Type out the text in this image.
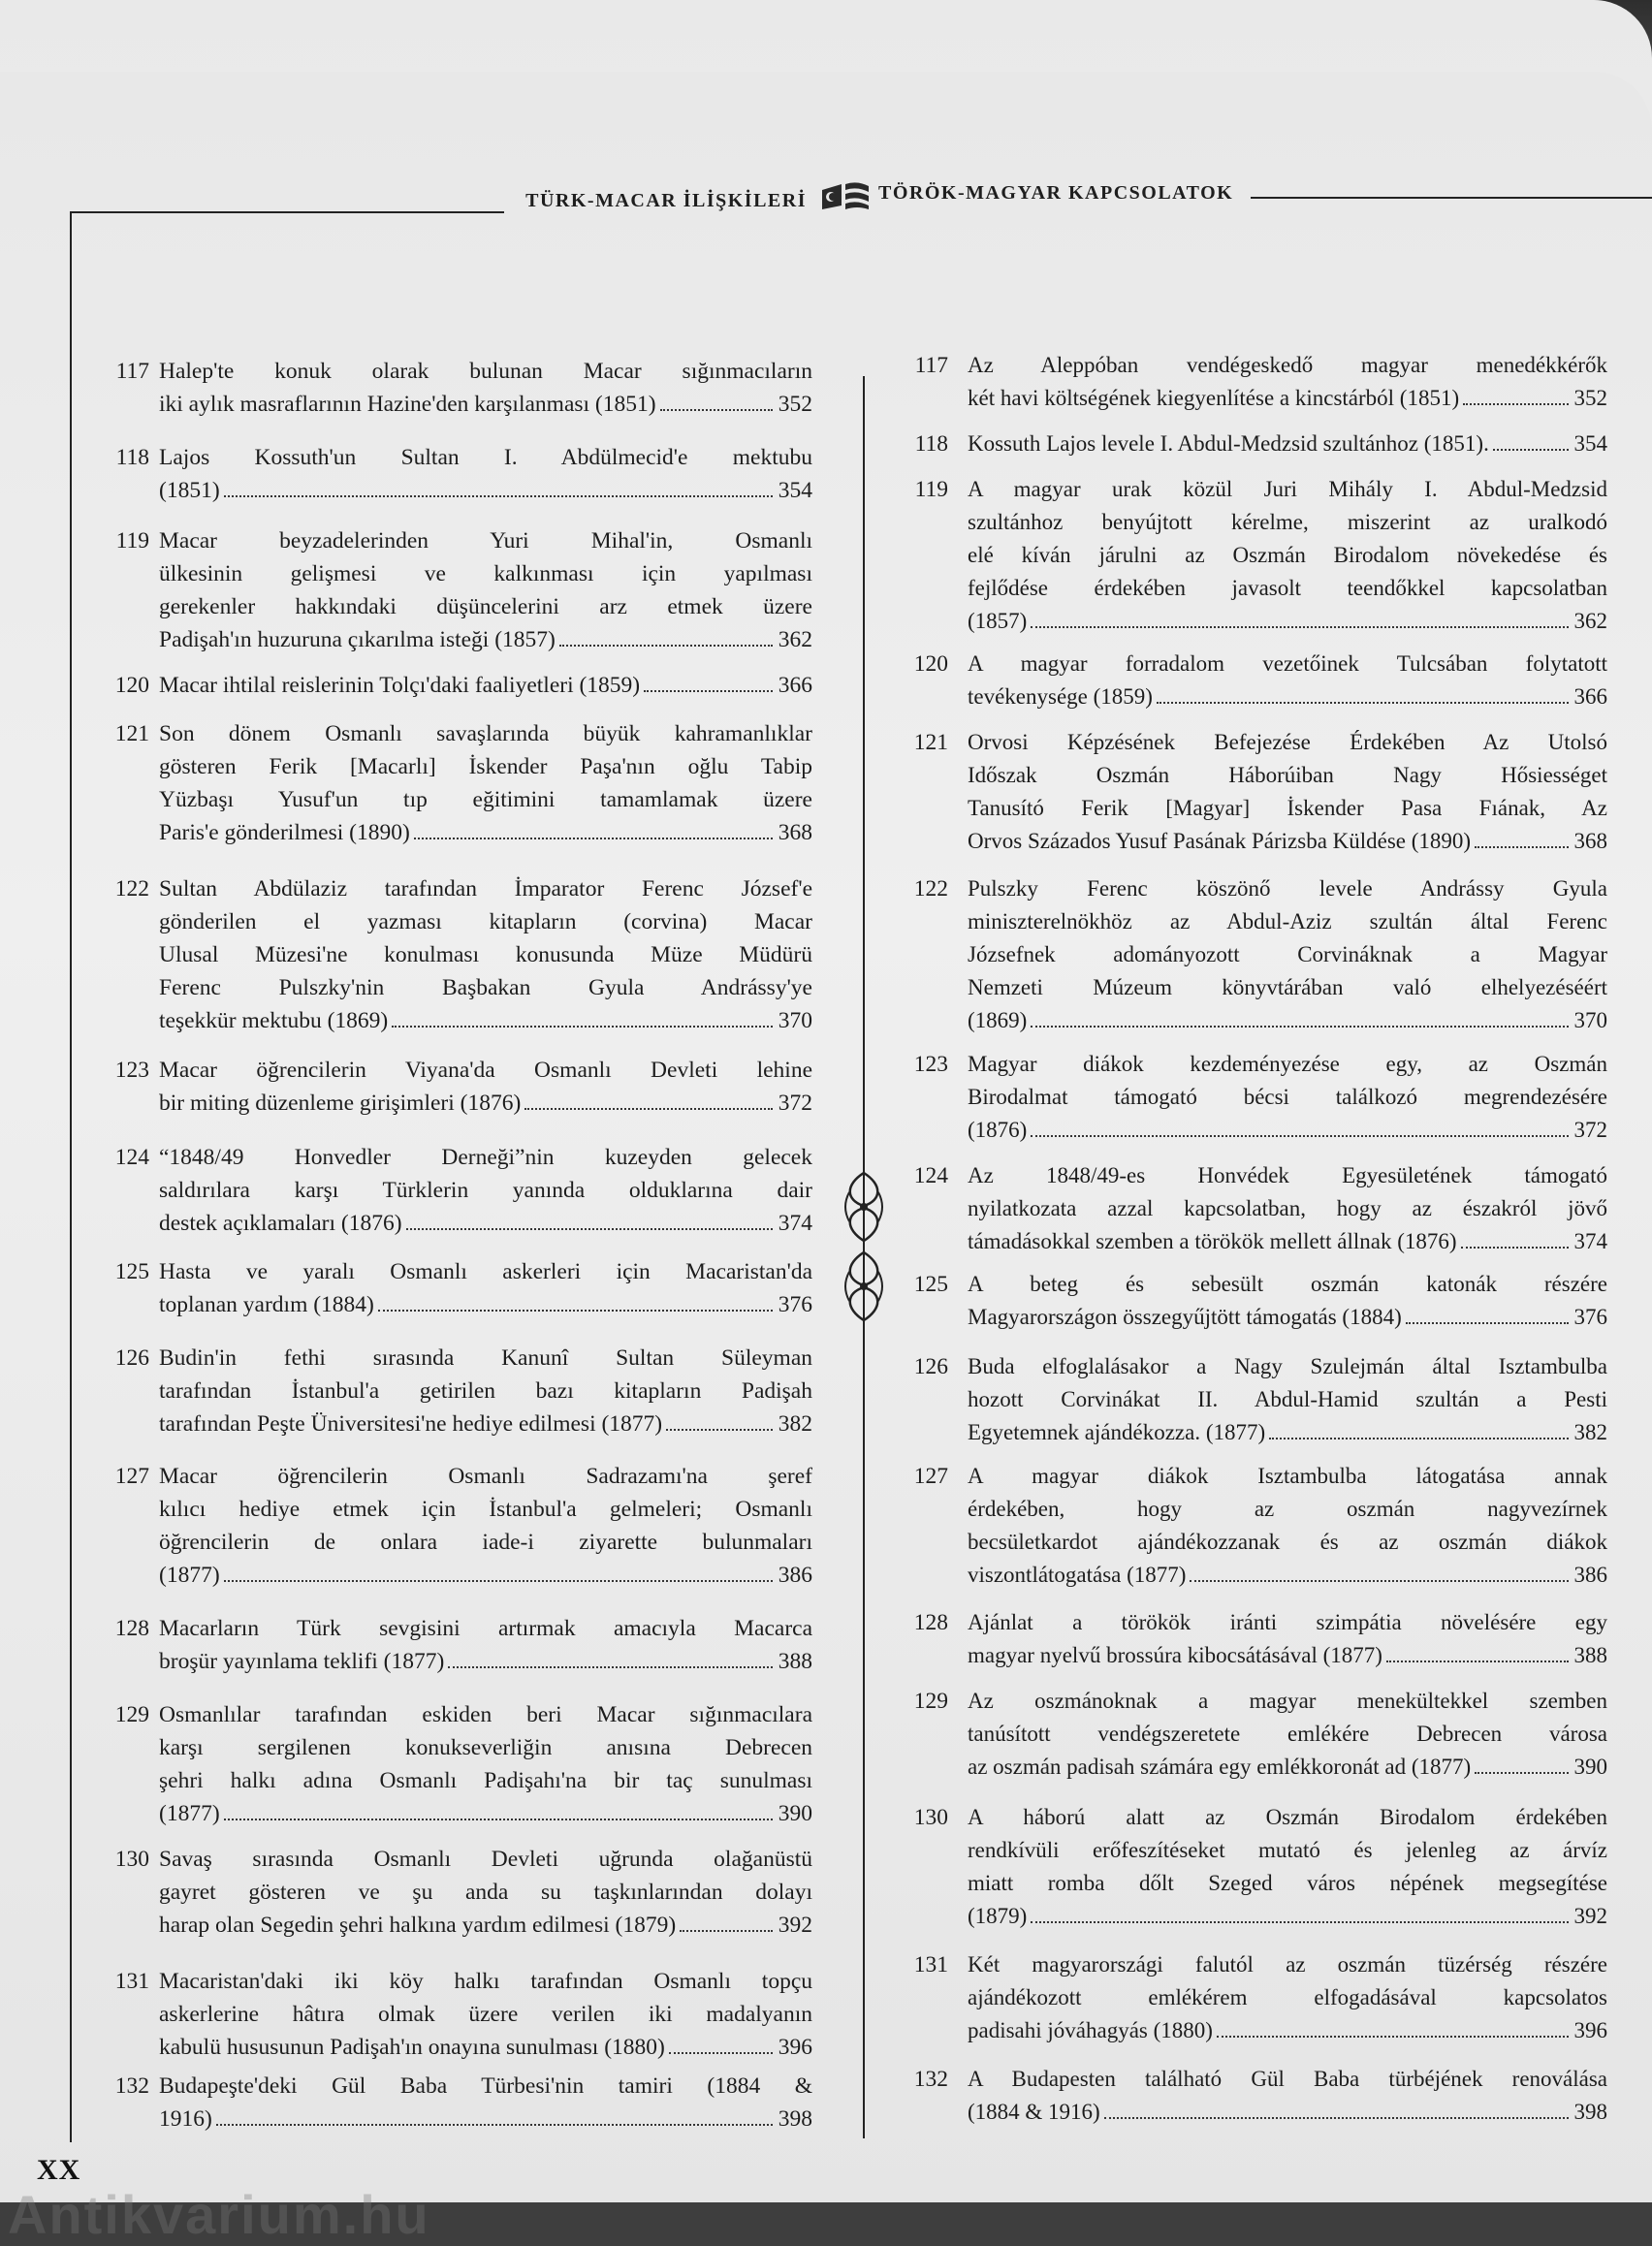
TÜRK-MACAR İLİŞKİLERİ	TÖRÖK-MAGYAR KAPCSOLATOK
117 Halep'te konuk olarak bulunan Macar sığınmacıların
iki aylık masraflarının Hazine'den karşılanması (1851)	352
118 Lajos Kossuth'un Sultan I. Abdülmecid'e mektubu
(1851)	354
119 Macar beyzadelerinden Yuri Mihal'in, Osmanlı
ülkesinin gelişmesi ve kalkınması için yapılması
gerekenler hakkındaki düşüncelerini arz etmek üzere
Padişah'ın huzuruna çıkarılma isteği (1857)	362
120 Macar ihtilal reislerinin Tolçı'daki faaliyetleri (1859)	366
121 Son dönem Osmanlı savaşlarında büyük kahramanlıklar
gösteren Ferik [Macarlı] İskender Paşa'nın oğlu Tabip
Yüzbaşı Yusuf'un tıp eğitimini tamamlamak üzere
Paris'e gönderilmesi (1890)	368
122 Sultan Abdülaziz tarafından İmparator Ferenc József'e
gönderilen el yazması kitapların (corvina) Macar
Ulusal Müzesi'ne konulması konusunda Müze Müdürü
Ferenc Pulszky'nin Başbakan Gyula Andrássy'ye
teşekkür mektubu (1869)	370
123 Macar öğrencilerin Viyana'da Osmanlı Devleti lehine
bir miting düzenleme girişimleri (1876)	372
124 “1848/49 Honvedler Derneği”nin kuzeyden gelecek
saldırılara karşı Türklerin yanında olduklarına dair
destek açıklamaları (1876)	374
125 Hasta ve yaralı Osmanlı askerleri için Macaristan'da
toplanan yardım (1884)	376
126 Budin'in fethi sırasında Kanunî Sultan Süleyman
tarafından İstanbul'a getirilen bazı kitapların Padişah
tarafından Peşte Üniversitesi'ne hediye edilmesi (1877)	382
127 Macar öğrencilerin Osmanlı Sadrazamı'na şeref
kılıcı hediye etmek için İstanbul'a gelmeleri; Osmanlı
öğrencilerin de onlara iade-i ziyarette bulunmaları
(1877)	386
128 Macarların Türk sevgisini artırmak amacıyla Macarca
broşür yayınlama teklifi (1877)	388
129 Osmanlılar tarafından eskiden beri Macar sığınmacılara
karşı sergilenen konukseverliğin anısına Debrecen
şehri halkı adına Osmanlı Padişahı'na bir taç sunulması
(1877)	390
130 Savaş sırasında Osmanlı Devleti uğrunda olağanüstü
gayret gösteren ve şu anda su taşkınlarından dolayı
harap olan Segedin şehri halkına yardım edilmesi (1879)	392
131 Macaristan'daki iki köy halkı tarafından Osmanlı topçu
askerlerine hâtıra olmak üzere verilen iki madalyanın
kabulü hususunun Padişah'ın onayına sunulması (1880)	396
132 Budapeşte'deki Gül Baba Türbesi'nin tamiri (1884 &
1916)	398
117 Az Aleppóban vendégeskedő magyar menedékkérők
két havi költségének kiegyenlítése a kincstárból (1851)	352
118 Kossuth Lajos levele I. Abdul-Medzsid szultánhoz (1851).	354
119 A magyar urak közül Juri Mihály I. Abdul-Medzsid
szultánhoz benyújtott kérelme, miszerint az uralkodó
elé kíván járulni az Oszmán Birodalom növekedése és
fejlődése érdekében javasolt teendőkkel kapcsolatban
(1857)	362
120 A magyar forradalom vezetőinek Tulcsában folytatott
tevékenysége (1859)	366
121 Orvosi Képzésének Befejezése Érdekében Az Utolsó
Időszak Oszmán Háborúiban Nagy Hősiességet
Tanusító Ferik [Magyar] İskender Pasa Fıának, Az
Orvos Százados Yusuf Pasának Párizsba Küldése (1890)	368
122 Pulszky Ferenc köszönő levele Andrássy Gyula
miniszterelnökhöz az Abdul-Aziz szultán által Ferenc
Józsefnek adományozott Corvináknak a Magyar
Nemzeti Múzeum könyvtárában való elhelyezéséért
(1869)	370
123 Magyar diákok kezdeményezése egy, az Oszmán
Birodalmat támogató bécsi találkozó megrendezésére
(1876)	372
124 Az 1848/49-es Honvédek Egyesületének támogató
nyilatkozata azzal kapcsolatban, hogy az északról jövő
támadásokkal szemben a törökök mellett állnak (1876)	374
125 A beteg és sebesült oszmán katonák részére
Magyarországon összegyűjtött támogatás (1884)	376
126 Buda elfoglalásakor a Nagy Szulejmán által Isztambulba
hozott Corvinákat II. Abdul-Hamid szultán a Pesti
Egyetemnek ajándékozza. (1877)	382
127 A magyar diákok Isztambulba látogatása annak
érdekében, hogy az oszmán nagyvezírnek
becsületkardot ajándékozzanak és az oszmán diákok
viszontlátogatása (1877)	386
128 Ajánlat a törökök iránti szimpátia növelésére egy
magyar nyelvű brossúra kibocsátásával (1877)	388
129 Az oszmánoknak a magyar menekültekkel szemben
tanúsított vendégszeretete emlékére Debrecen városa
az oszmán padisah számára egy emlékkoronát ad (1877)	390
130 A háború alatt az Oszmán Birodalom érdekében
rendkívüli erőfeszítéseket mutató és jelenleg az árvíz
miatt romba dőlt Szeged város népének megsegítése
(1879)	392
131 Két magyarországi falutól az oszmán tüzérség részére
ajándékozott emlékérem elfogadásával kapcsolatos
padisahi jóváhagyás (1880)	396
132 A Budapesten található Gül Baba türbéjének renoválása
(1884 & 1916)	398
XX
Antikvarium.hu
